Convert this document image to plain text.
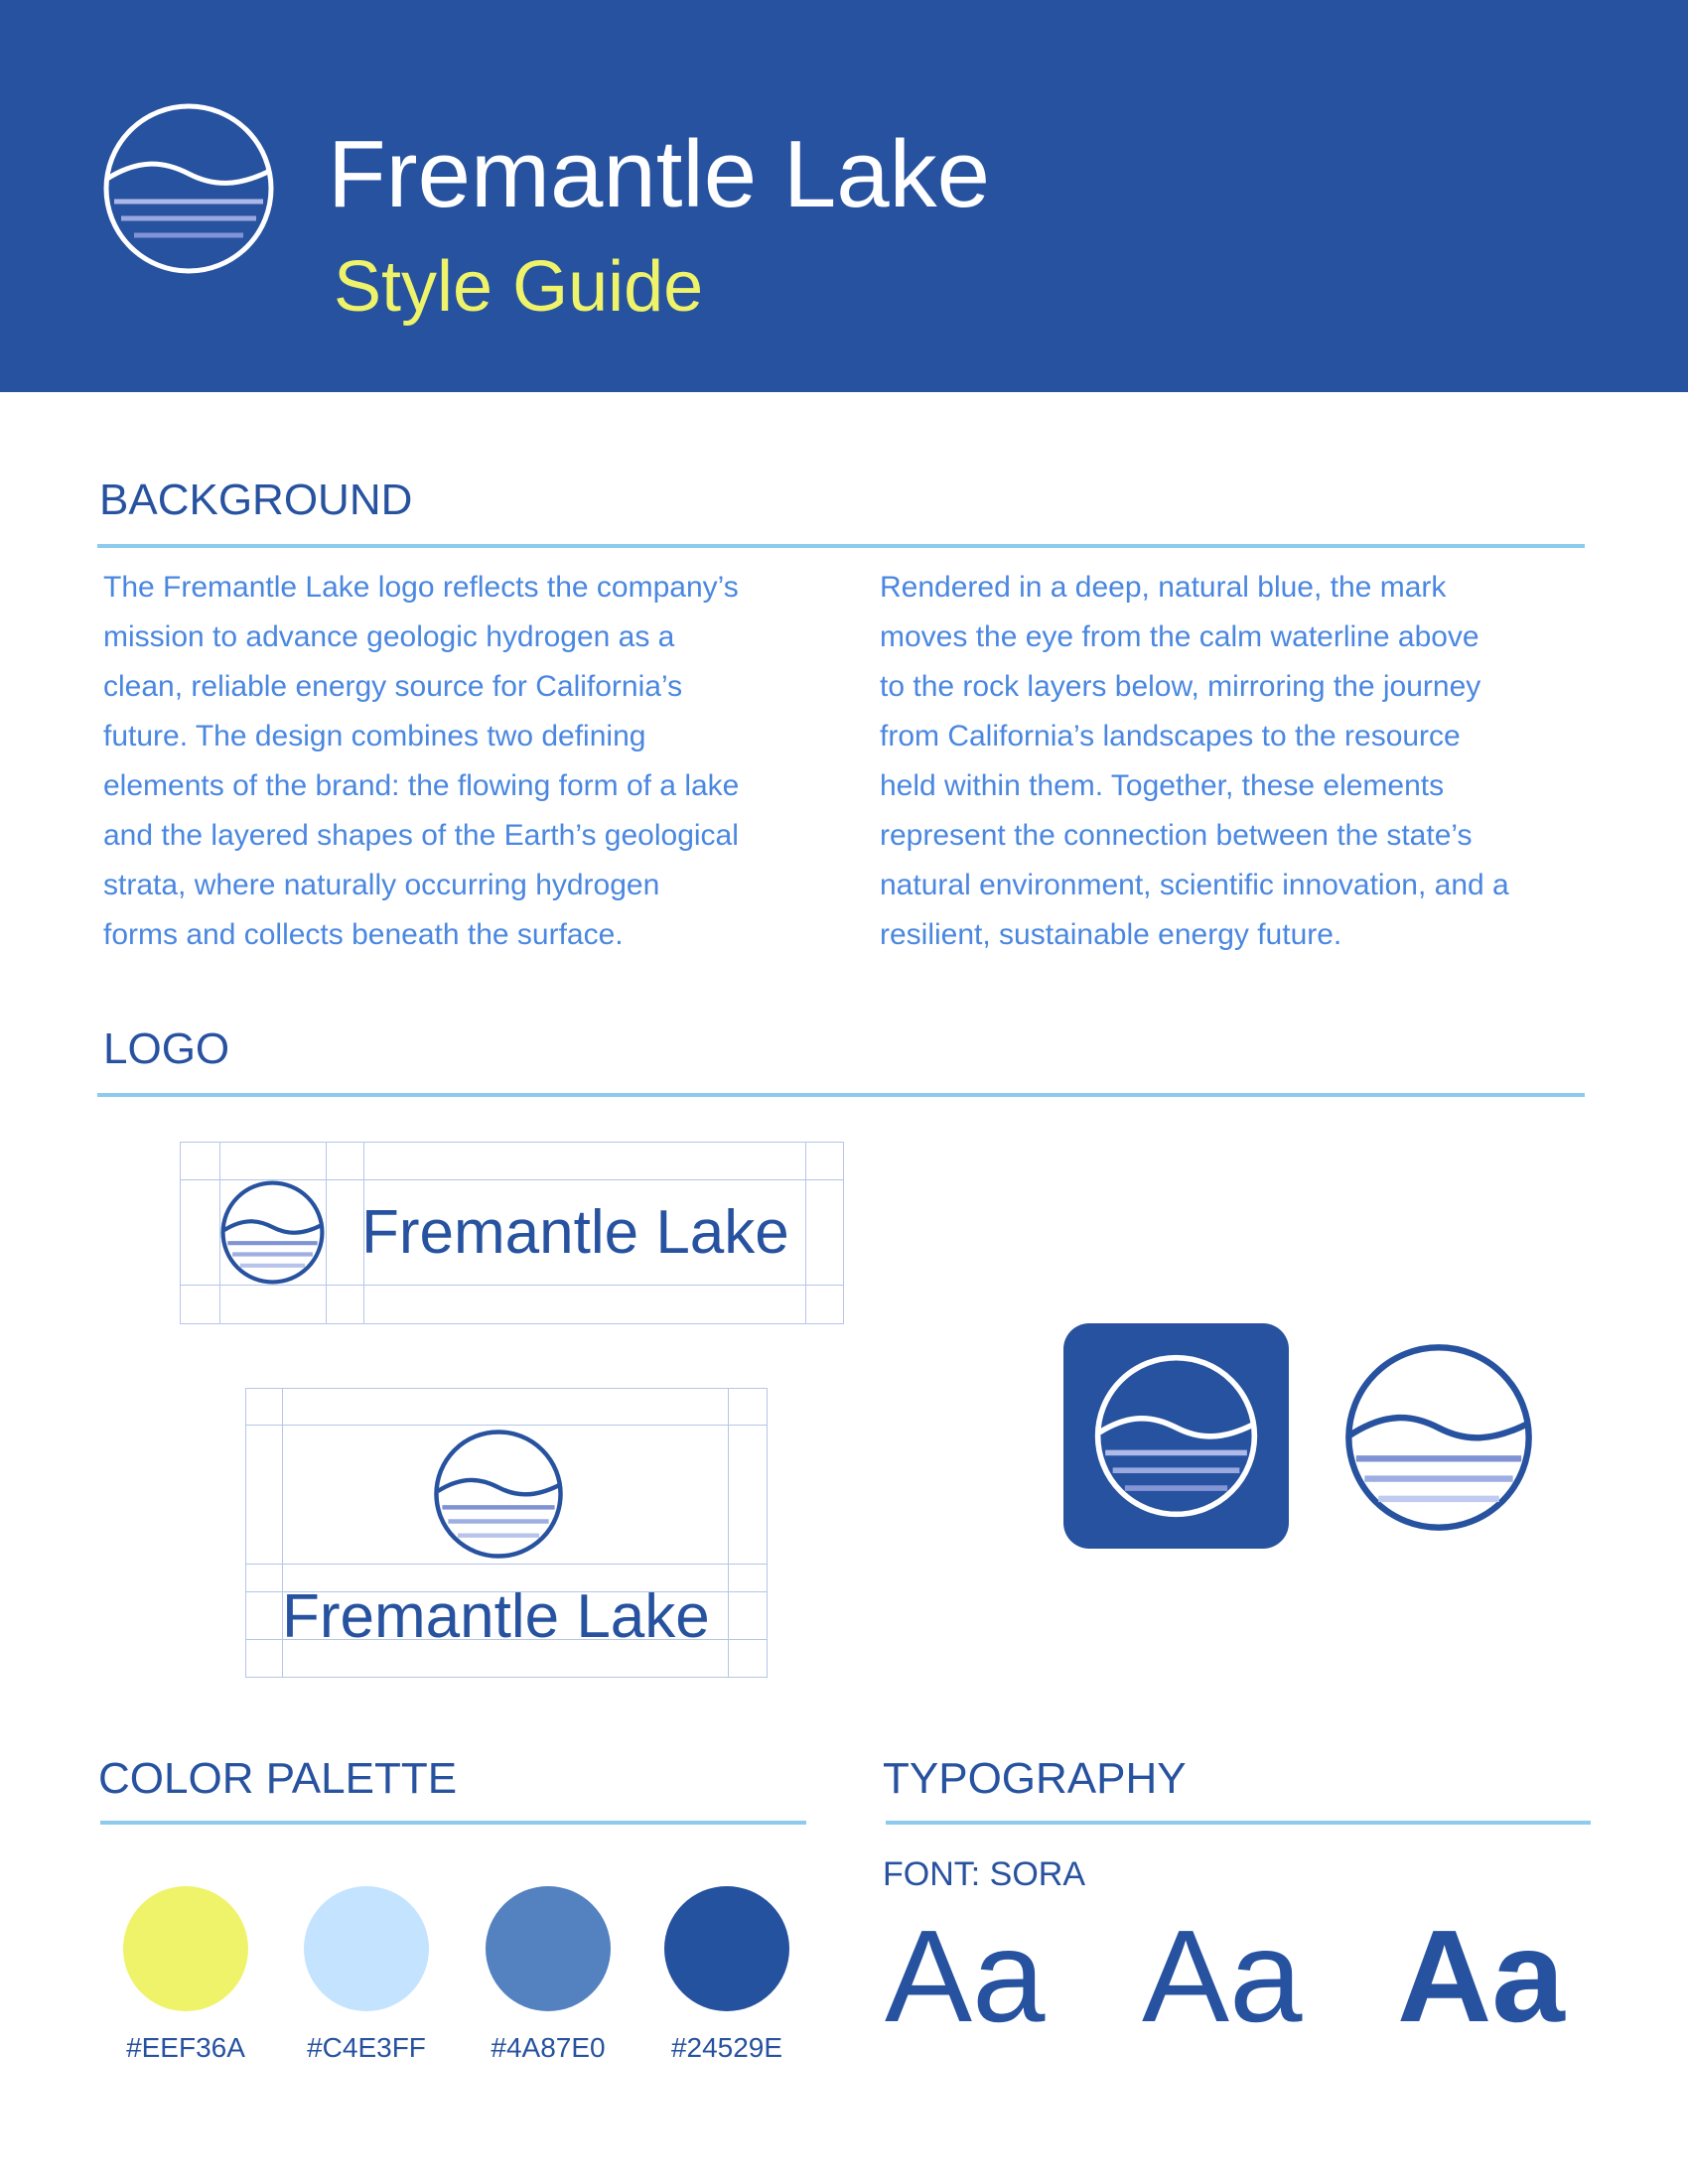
Fremantle Lake
Style Guide
BACKGROUND
The Fremantle Lake logo reflects the company’s
mission to advance geologic hydrogen as a
clean, reliable energy source for California’s
future. The design combines two defining
elements of the brand: the flowing form of a lake
and the layered shapes of the Earth’s geological
strata, where naturally occurring hydrogen
forms and collects beneath the surface.
Rendered in a deep, natural blue, the mark
moves the eye from the calm waterline above
to the rock layers below, mirroring the journey
from California’s landscapes to the resource
held within them. Together, these elements
represent the connection between the state’s
natural environment, scientific innovation, and a
resilient, sustainable energy future.
LOGO
Fremantle Lake
Fremantle Lake
COLOR PALETTE
#EEF36A	#C4E3FF	#4A87E0	#24529E
TYPOGRAPHY
FONT: SORA
Aa Aa Aa
